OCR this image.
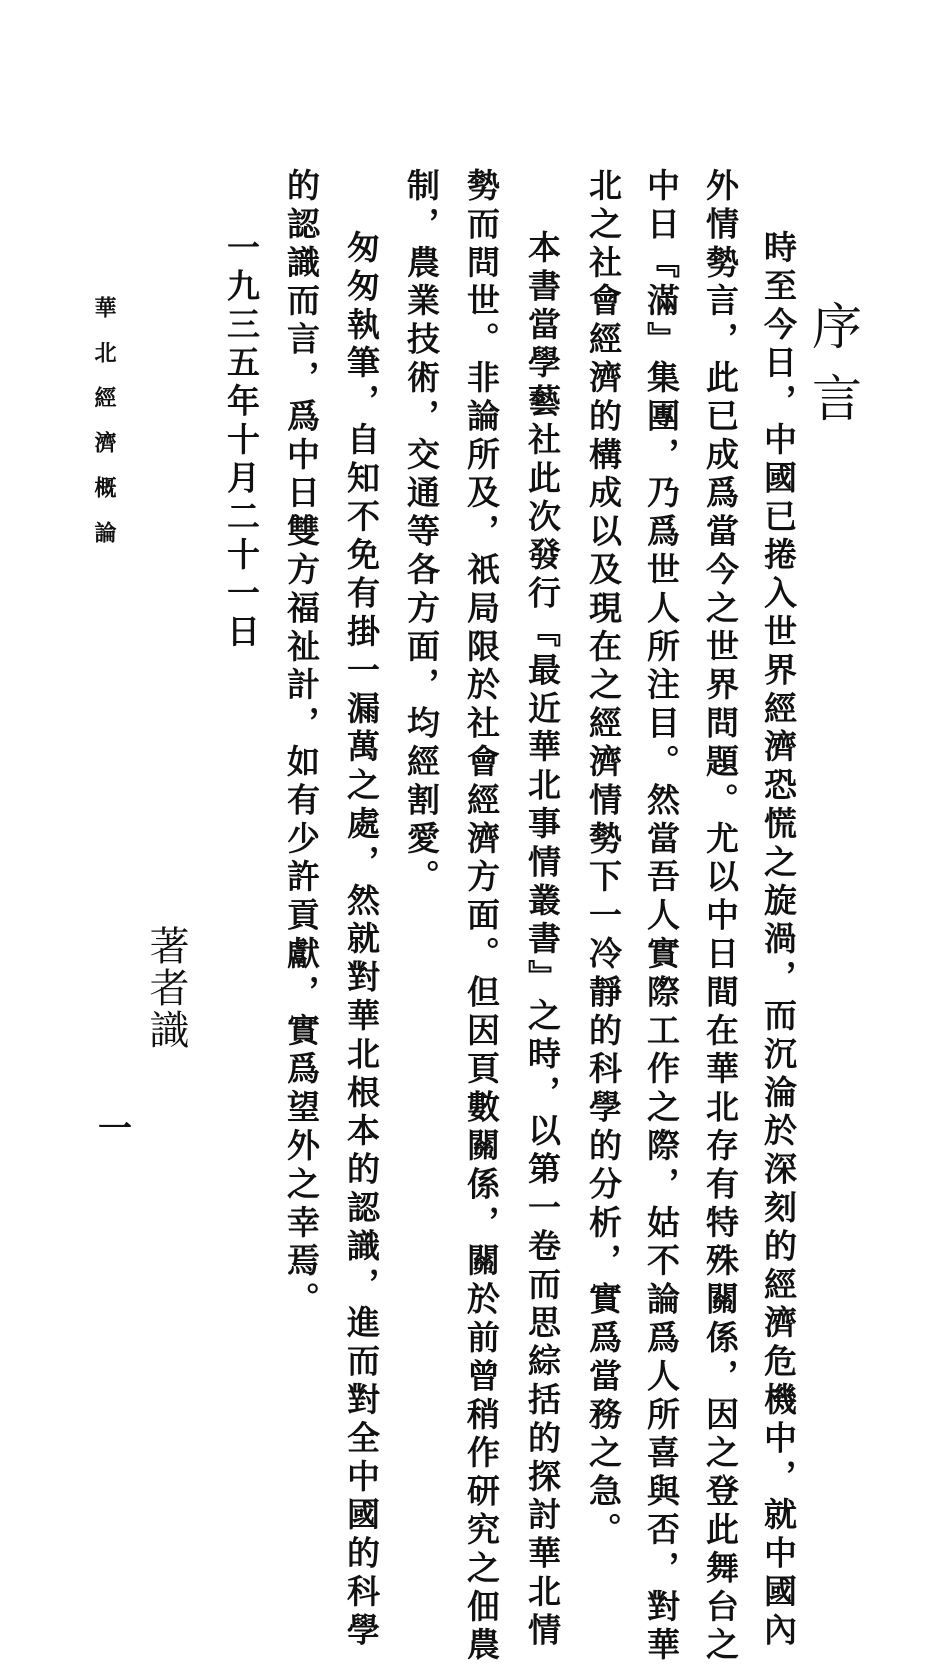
序言
時至今日，中國已捲入世界經濟恐慌之旋渦，而沉淪於深刻的經濟危機中，就中國內
外情勢言，此已成爲當今之世界問題。尤以中日間在華北存有特殊關係，因之登此舞台之
中日『滿』集團，乃爲世人所注目。然當吾人實際工作之際，姑不論爲人所喜與否，對華
北之社會經濟的構成以及現在之經濟情勢下一冷靜的科學的分析，實爲當務之急。
本書當學藝社此次發行『最近華北事情叢書』之時，以第一卷而思綜括的探討華北情
勢而問世。非論所及，祇局限於社會經濟方面。但因頁數關係，關於前曾稍作研究之佃農
制，農業技術，交通等各方面，均經割愛。
匆匆執筆，自知不免有掛一漏萬之處，然就對華北根本的認識，進而對全中國的科學
的認識而言，爲中日雙方福祉計，如有少許貢獻，實爲望外之幸焉。
一九三五年十月二十一日
著者識
華北經濟概論
一
